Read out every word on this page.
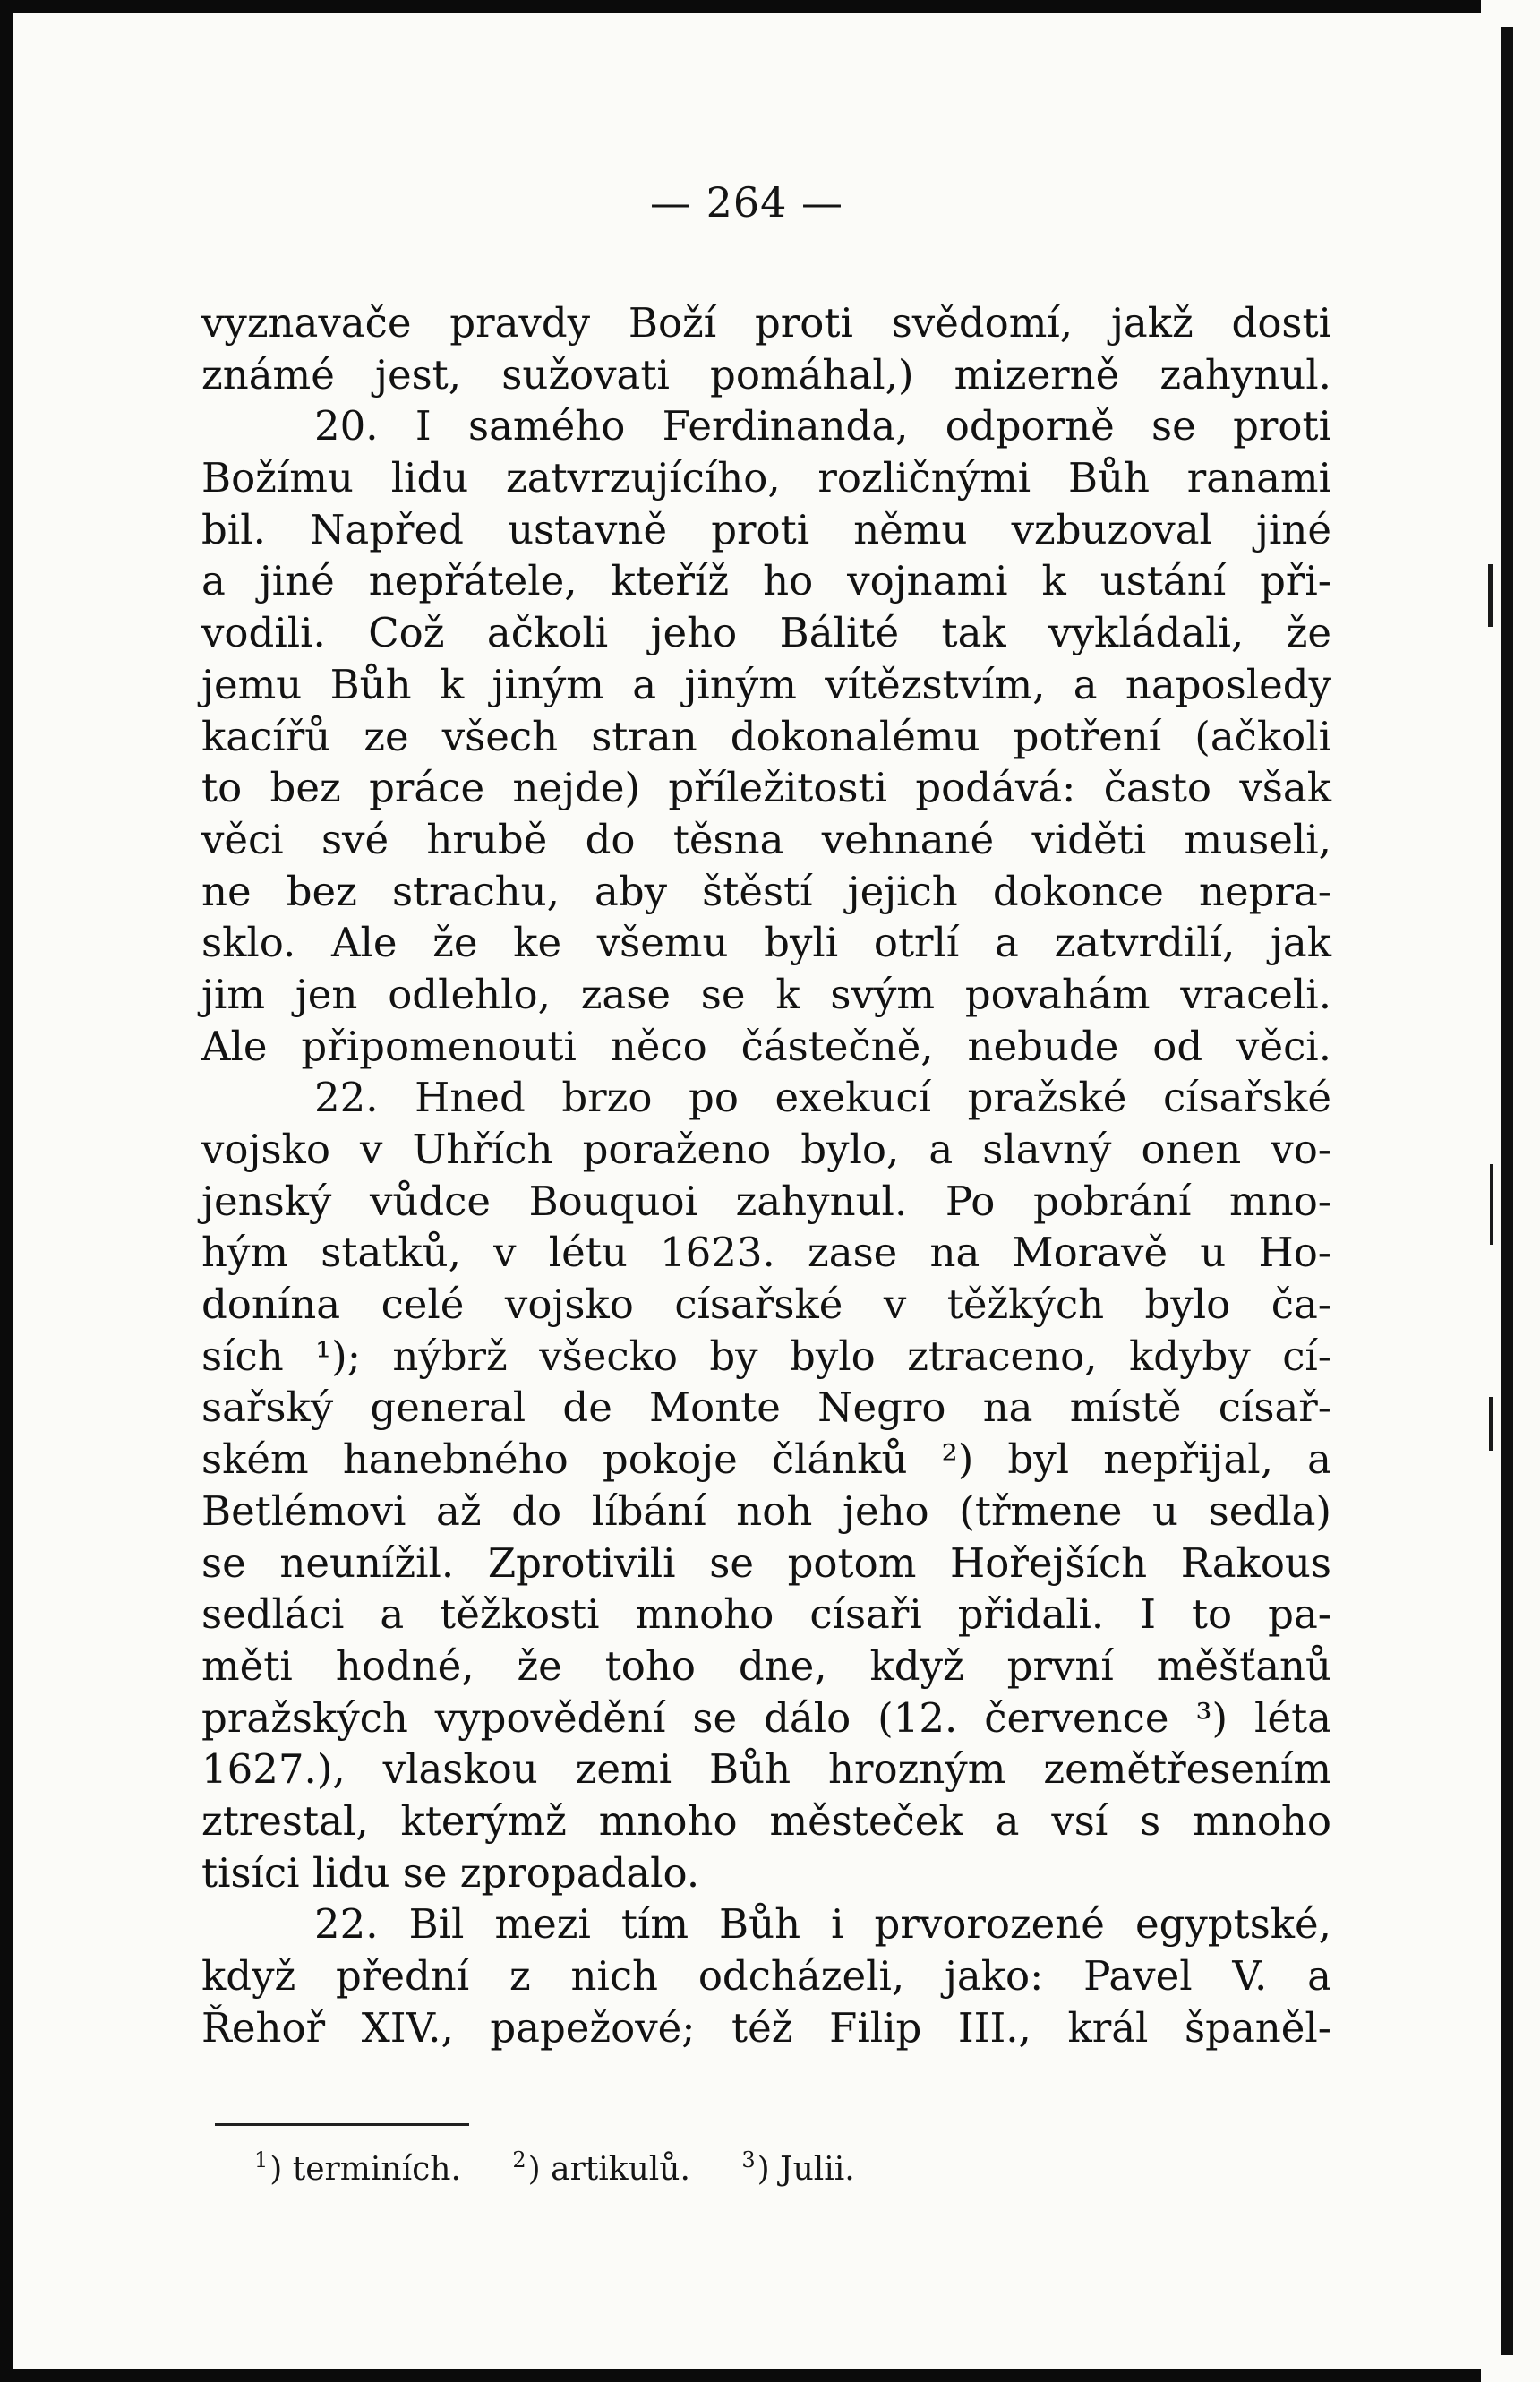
— 264 —
vyznavače pravdy Boží proti svědomí, jakž dosti
známé jest, sužovati pomáhal,) mizerně zahynul.
20. I samého Ferdinanda, odporně se proti
Božímu lidu zatvrzujícího, rozličnými Bůh ranami
bil. Napřed ustavně proti němu vzbuzoval jiné
a jiné nepřátele, kteříž ho vojnami k ustání při-
vodili. Což ačkoli jeho Bálité tak vykládali, že
jemu Bůh k jiným a jiným vítězstvím, a naposledy
kacířů ze všech stran dokonalému potření (ačkoli
to bez práce nejde) příležitosti podává: často však
věci své hrubě do těsna vehnané viděti museli,
ne bez strachu, aby štěstí jejich dokonce nepra-
sklo. Ale že ke všemu byli otrlí a zatvrdilí, jak
jim jen odlehlo, zase se k svým povahám vraceli.
Ale připomenouti něco částečně, nebude od věci.
22. Hned brzo po exekucí pražské císařské
vojsko v Uhřích poraženo bylo, a slavný onen vo-
jenský vůdce Bouquoi zahynul. Po pobrání mno-
hým statků, v létu 1623. zase na Moravě u Ho-
donína celé vojsko císařské v těžkých bylo ča-
sích ¹); nýbrž všecko by bylo ztraceno, kdyby cí-
sařský general de Monte Negro na místě císař-
ském hanebného pokoje článků ²) byl nepřijal, a
Betlémovi až do líbání noh jeho (třmene u sedla)
se neunížil. Zprotivili se potom Hořejších Rakous
sedláci a těžkosti mnoho císaři přidali. I to pa-
měti hodné, že toho dne, když první měšťanů
pražských vypovědění se dálo (12. července ³) léta
1627.), vlaskou zemi Bůh hrozným zemětřesením
ztrestal, kterýmž mnoho městeček a vsí s mnoho
tisíci lidu se zpropadalo.
22. Bil mezi tím Bůh i prvorozené egyptské,
když přední z nich odcházeli, jako: Pavel V. a
Řehoř XIV., papežové; též Filip III., král španěl-
$^1$) terminích. $^2$) artikulů. $^3$) Julii.
